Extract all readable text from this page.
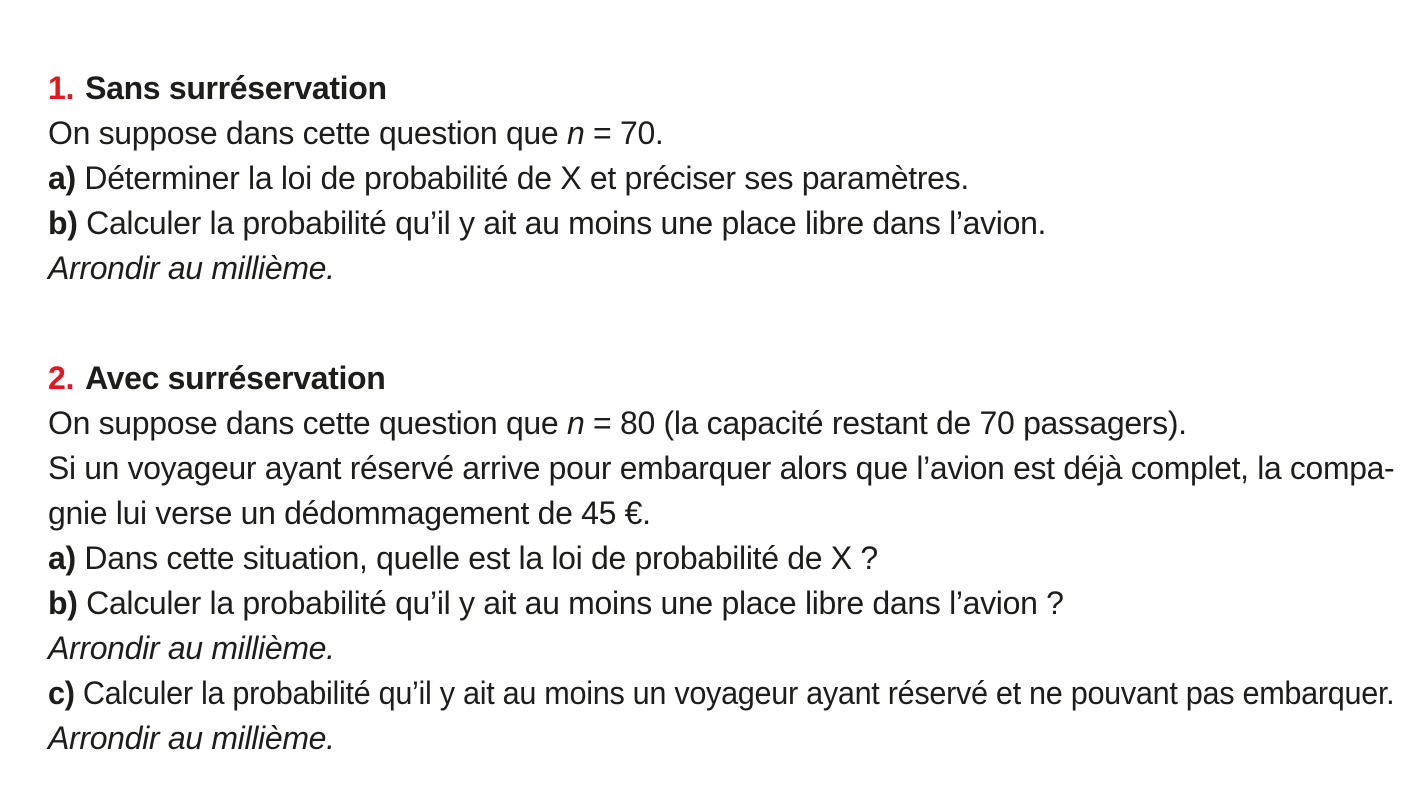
1. Sans surréservation
On suppose dans cette question que n = 70.
a) Déterminer la loi de probabilité de X et préciser ses paramètres.
b) Calculer la probabilité qu’il y ait au moins une place libre dans l’avion.
Arrondir au millième.
2. Avec surréservation
On suppose dans cette question que n = 80 (la capacité restant de 70 passagers).
Si un voyageur ayant réservé arrive pour embarquer alors que l’avion est déjà complet, la compa-
gnie lui verse un dédommagement de 45 €.
a) Dans cette situation, quelle est la loi de probabilité de X ?
b) Calculer la probabilité qu’il y ait au moins une place libre dans l’avion ?
Arrondir au millième.
c) Calculer la probabilité qu’il y ait au moins un voyageur ayant réservé et ne pouvant pas embarquer.
Arrondir au millième.
